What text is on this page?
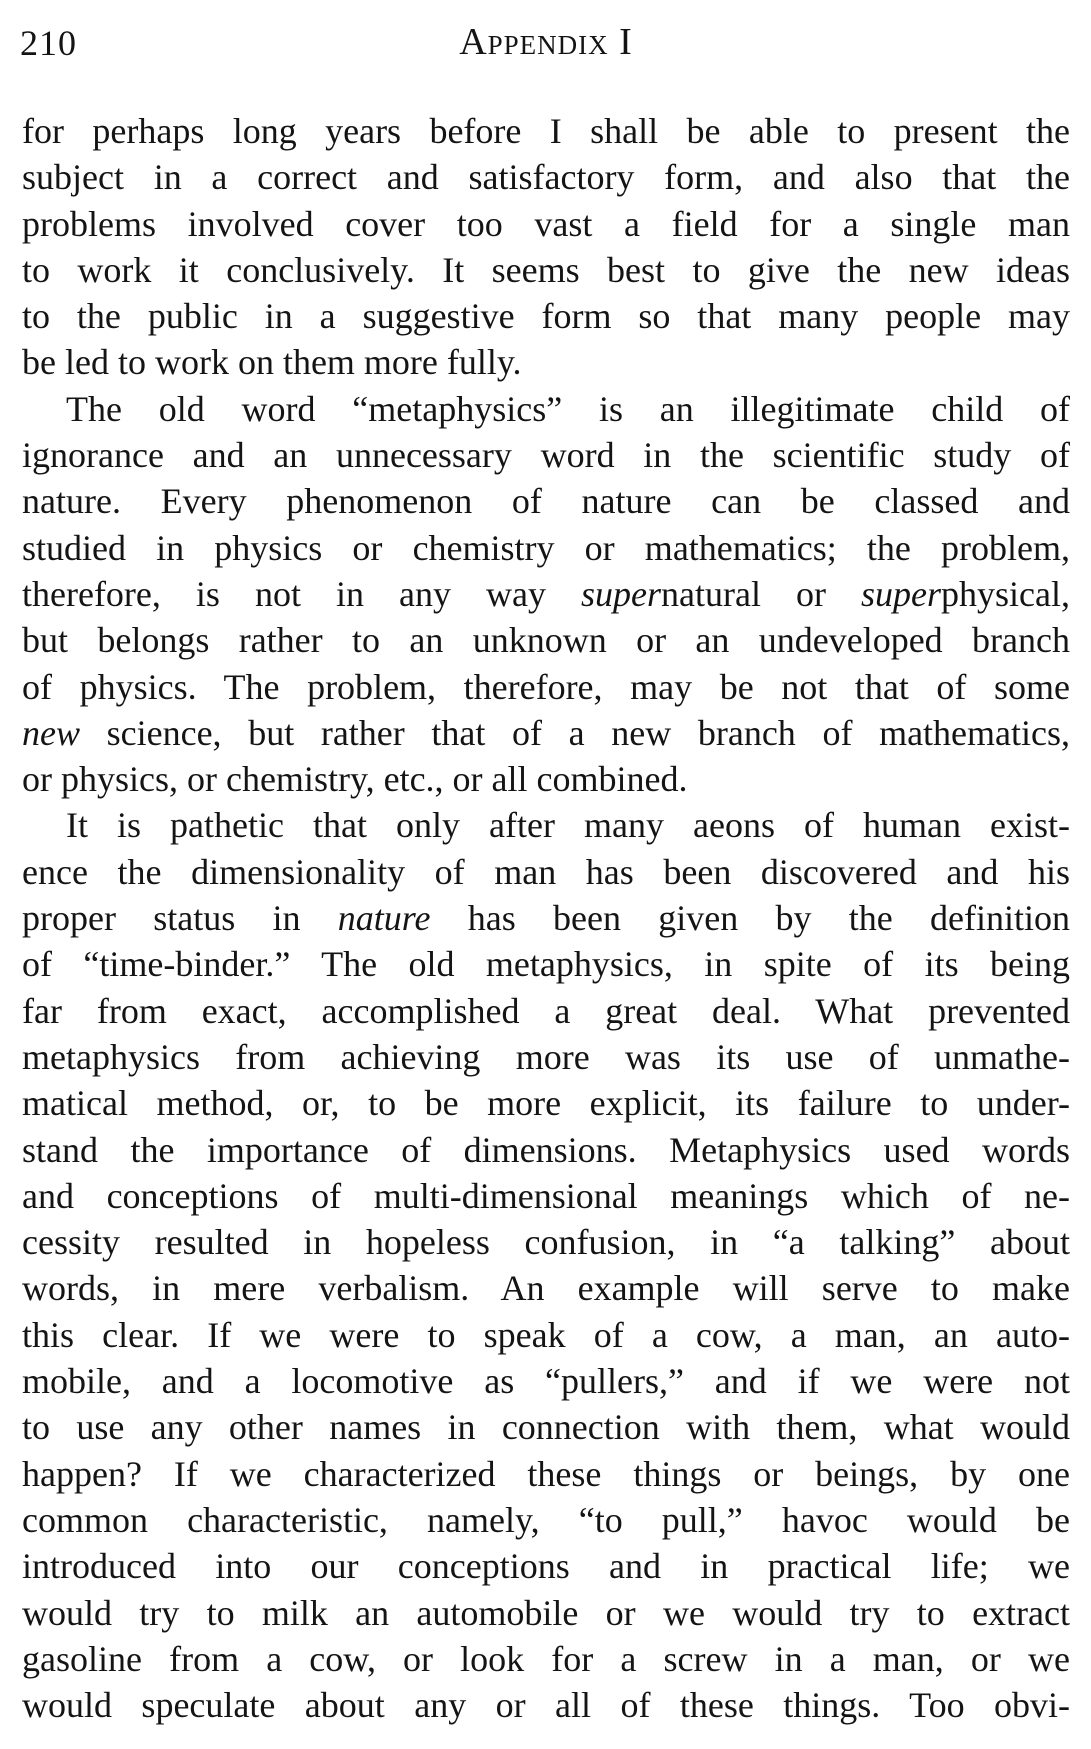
210	Appendix I
for perhaps long years before I shall be able to present the
subject in a correct and satisfactory form, and also that the
problems involved cover too vast a field for a single man
to work it conclusively. It seems best to give the new ideas
to the public in a suggestive form so that many people may
be led to work on them more fully.
The old word “metaphysics” is an illegitimate child of
ignorance and an unnecessary word in the scientific study of
nature. Every phenomenon of nature can be classed and
studied in physics or chemistry or mathematics; the problem,
therefore, is not in any way supernatural or superphysical,
but belongs rather to an unknown or an undeveloped branch
of physics. The problem, therefore, may be not that of some
new science, but rather that of a new branch of mathematics,
or physics, or chemistry, etc., or all combined.
It is pathetic that only after many aeons of human exist-
ence the dimensionality of man has been discovered and his
proper status in nature has been given by the definition
of “time-binder.” The old metaphysics, in spite of its being
far from exact, accomplished a great deal. What prevented
metaphysics from achieving more was its use of unmathe-
matical method, or, to be more explicit, its failure to under-
stand the importance of dimensions. Metaphysics used words
and conceptions of multi-dimensional meanings which of ne-
cessity resulted in hopeless confusion, in “a talking” about
words, in mere verbalism. An example will serve to make
this clear. If we were to speak of a cow, a man, an auto-
mobile, and a locomotive as “pullers,” and if we were not
to use any other names in connection with them, what would
happen? If we characterized these things or beings, by one
common characteristic, namely, “to pull,” havoc would be
introduced into our conceptions and in practical life; we
would try to milk an automobile or we would try to extract
gasoline from a cow, or look for a screw in a man, or we
would speculate about any or all of these things. Too obvi-
